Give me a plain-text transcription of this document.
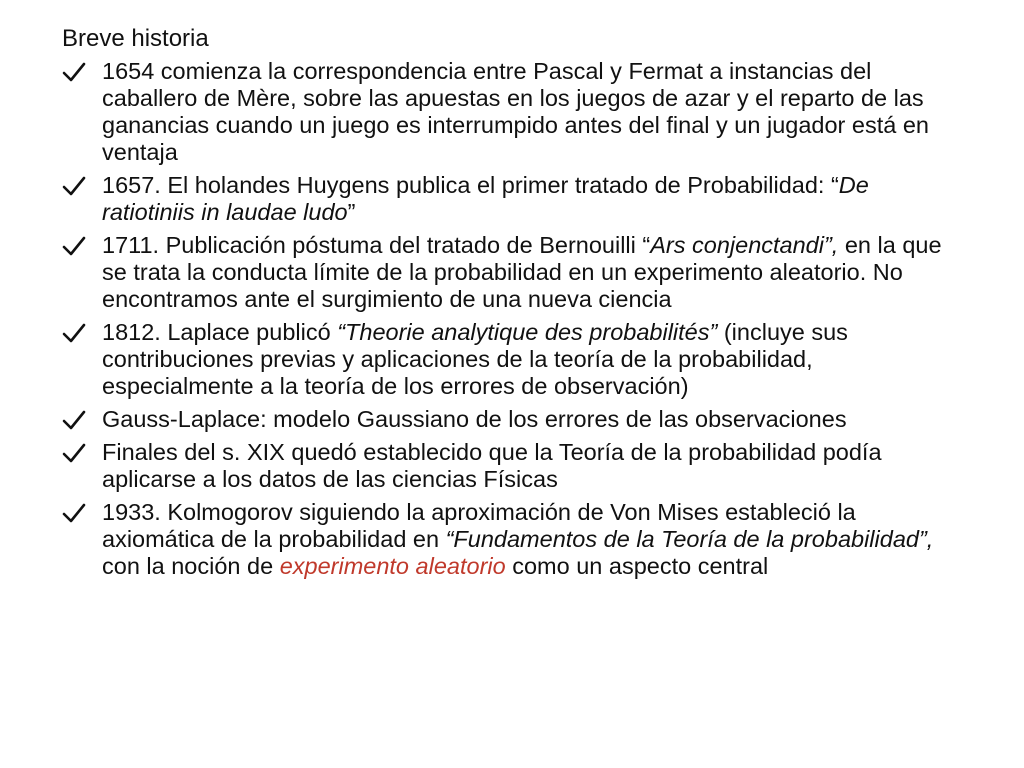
Breve historia
1654 comienza la correspondencia entre Pascal y Fermat a instancias del caballero de Mère, sobre las apuestas en los juegos de azar y el reparto de las ganancias cuando un juego es interrumpido antes del final y un jugador está en ventaja
1657. El holandes Huygens publica el primer tratado de Probabilidad: “De ratiotiniis in laudae ludo”
1711. Publicación póstuma del tratado de Bernouilli “Ars conjenctandi”, en la que se trata la conducta límite de la probabilidad en un experimento aleatorio. No encontramos ante el surgimiento de una nueva ciencia
1812. Laplace publicó “Theorie analytique des probabilités” (incluye sus contribuciones previas y aplicaciones de la teoría de la probabilidad, especialmente a la teoría de los errores de observación)
Gauss-Laplace: modelo Gaussiano de los errores de las observaciones
Finales del s. XIX quedó establecido que la Teoría de la probabilidad podía aplicarse a los datos de las ciencias Físicas
1933. Kolmogorov siguiendo la aproximación de Von Mises estableció la axiomática de la probabilidad en “Fundamentos de la Teoría de la probabilidad”, con la noción de experimento aleatorio como un aspecto central
